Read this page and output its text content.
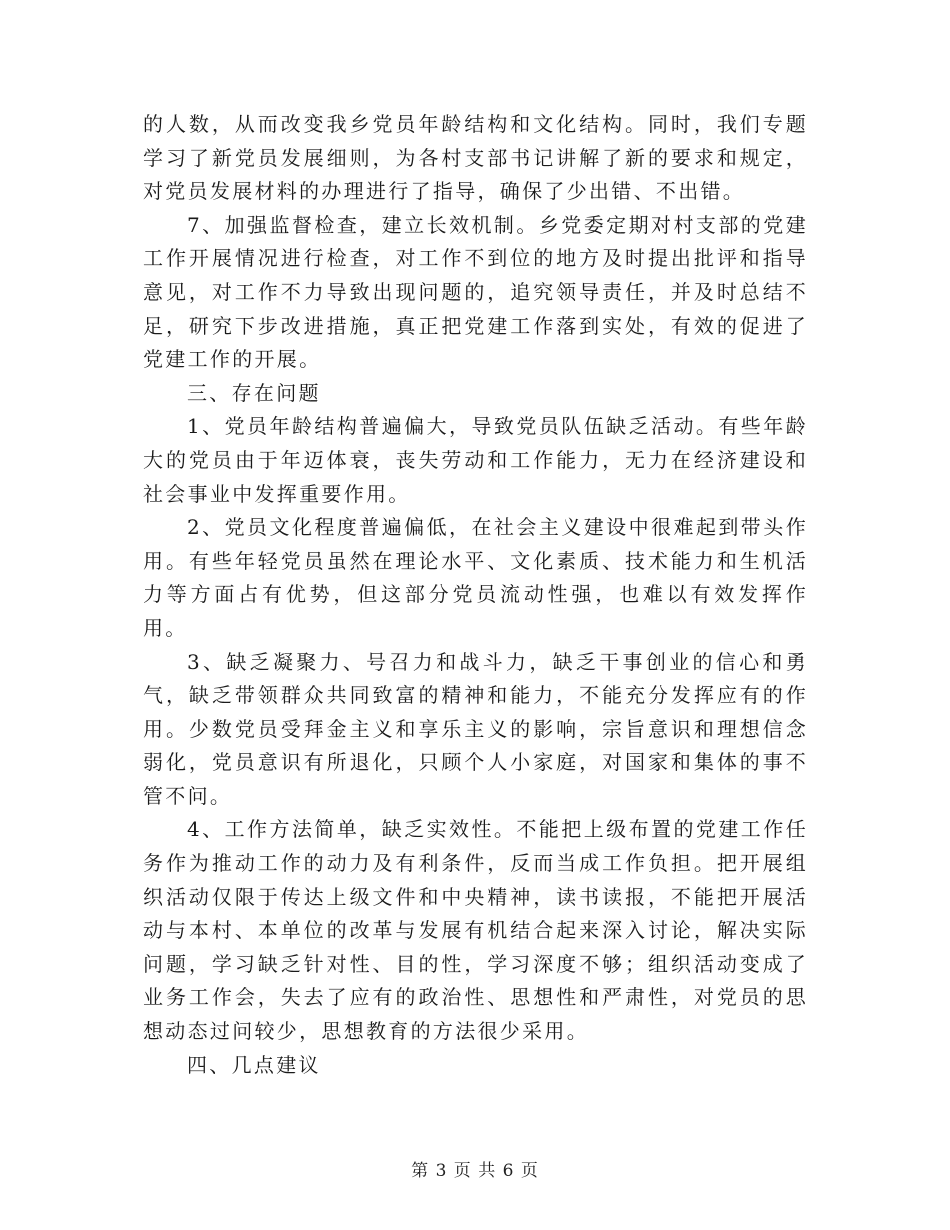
的人数，从而改变我乡党员年龄结构和文化结构。同时，我们专题学习了新党员发展细则，为各村支部书记讲解了新的要求和规定，对党员发展材料的办理进行了指导，确保了少出错、不出错。

7、加强监督检查，建立长效机制。乡党委定期对村支部的党建工作开展情况进行检查，对工作不到位的地方及时提出批评和指导意见，对工作不力导致出现问题的，追究领导责任，并及时总结不足，研究下步改进措施，真正把党建工作落到实处，有效的促进了党建工作的开展。

三、存在问题

1、党员年龄结构普遍偏大，导致党员队伍缺乏活动。有些年龄大的党员由于年迈体衰，丧失劳动和工作能力，无力在经济建设和社会事业中发挥重要作用。

2、党员文化程度普遍偏低，在社会主义建设中很难起到带头作用。有些年轻党员虽然在理论水平、文化素质、技术能力和生机活力等方面占有优势，但这部分党员流动性强，也难以有效发挥作用。

3、缺乏凝聚力、号召力和战斗力，缺乏干事创业的信心和勇气，缺乏带领群众共同致富的精神和能力，不能充分发挥应有的作用。少数党员受拜金主义和享乐主义的影响，宗旨意识和理想信念弱化，党员意识有所退化，只顾个人小家庭，对国家和集体的事不管不问。

4、工作方法简单，缺乏实效性。不能把上级布置的党建工作任务作为推动工作的动力及有利条件，反而当成工作负担。把开展组织活动仅限于传达上级文件和中央精神，读书读报，不能把开展活动与本村、本单位的改革与发展有机结合起来深入讨论，解决实际问题，学习缺乏针对性、目的性，学习深度不够；组织活动变成了业务工作会，失去了应有的政治性、思想性和严肃性，对党员的思想动态过问较少，思想教育的方法很少采用。

四、几点建议

第 3 页 共 6 页
